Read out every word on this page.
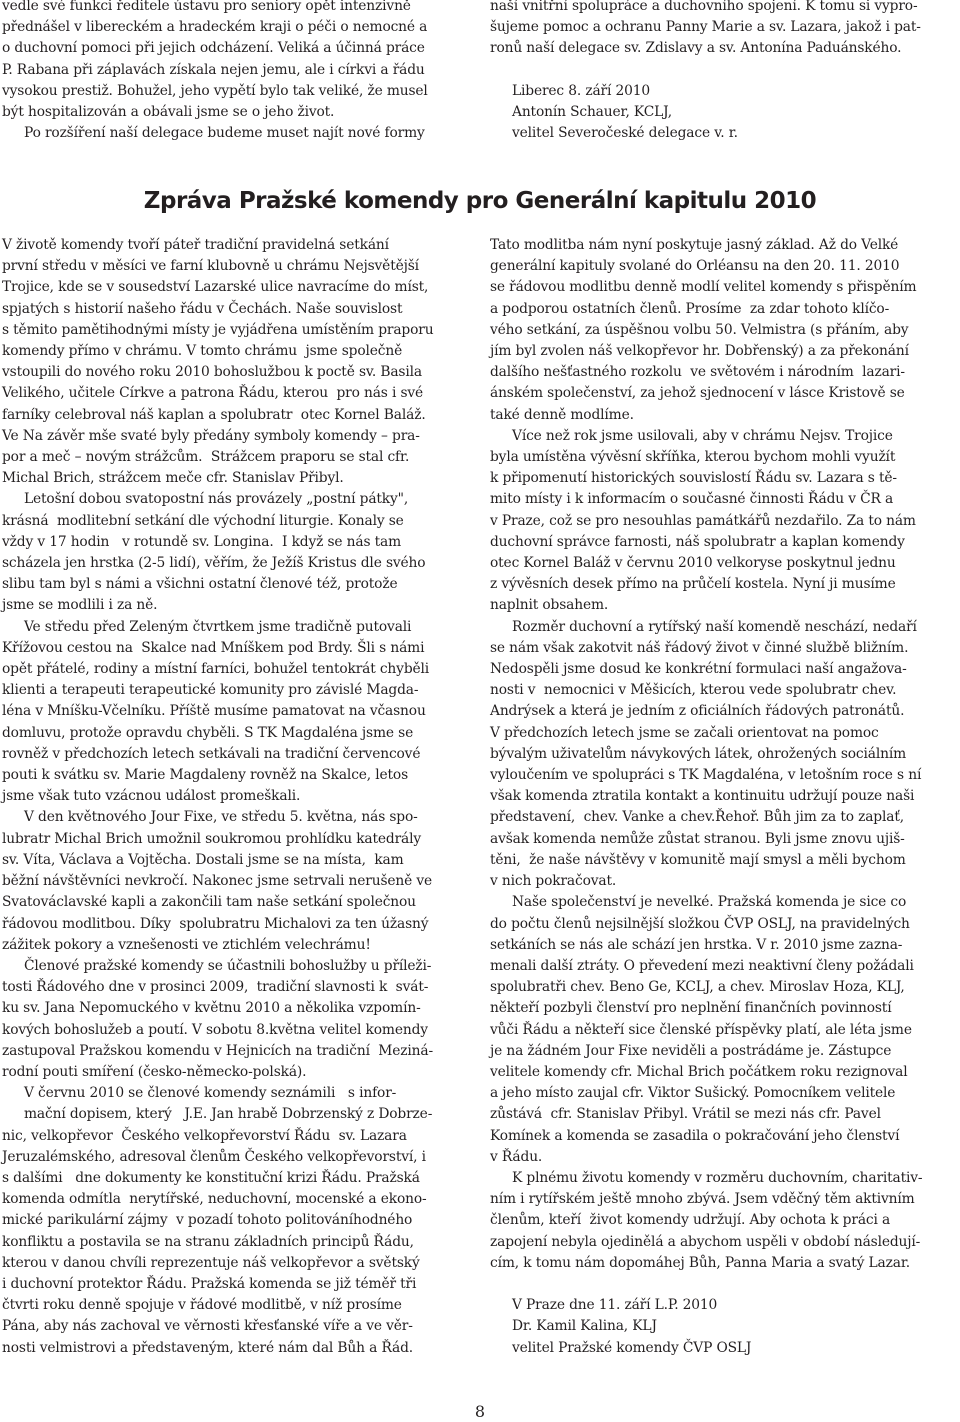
vedle své funkci ředitele ústavu pro seniory opět intenzivně

přednášel v libereckém a hradeckém kraji o péči o nemocné a

o duchovní pomoci při jejich odcházení. Veliká a účinná práce

P. Rabana při záplavách získala nejen jemu, ale i církvi a řádu

vysokou prestiž. Bohužel, jeho vypětí bylo tak veliké, že musel

být hospitalizován a obávali jsme se o jeho život.

Po rozšíření naší delegace budeme muset najít nové formy

naší vnitřní spolupráce a duchovního spojení. K tomu si vypro-

šujeme pomoc a ochranu Panny Marie a sv. Lazara, jakož i pat-

ronů naší delegace sv. Zdislavy a sv. Antonína Paduánského.

Liberec 8. září 2010

Antonín Schauer, KCLJ,

velitel Severočeské delegace v. r.

Zpráva Pražské komendy pro Generální kapitulu 2010

V životě komendy tvoří páteř tradiční pravidelná setkání

první středu v měsíci ve farní klubovně u chrámu Nejsvětější

Trojice, kde se v sousedství Lazarské ulice navracíme do míst,

spjatých s historií našeho řádu v Čechách. Naše souvislost

s těmito pamětihodnými místy je vyjádřena umístěním praporu

komendy přímo v chrámu. V tomto chrámu  jsme společně

vstoupili do nového roku 2010 bohoslužbou k poctě sv. Basila

Velikého, učitele Církve a patrona Řádu, kterou  pro nás i své

farníky celebroval náš kaplan a spolubratr  otec Kornel Baláž.

Ve Na závěr mše svaté byly předány symboly komendy – pra-

por a meč – novým strážcům.  Strážcem praporu se stal cfr.

Michal Brich, strážcem meče cfr. Stanislav Přibyl.

Letošní dobou svatopostní nás provázely „postní pátky",

krásná  modlitební setkání dle východní liturgie. Konaly se

vždy v 17 hodin   v rotundě sv. Longina.  I když se nás tam

scházela jen hrstka (2-5 lidí), věřím, že Ježíš Kristus dle svého

slibu tam byl s námi a všichni ostatní členové též, protože

jsme se modlili i za ně.

Ve středu před Zeleným čtvrtkem jsme tradičně putovali

Křížovou cestou na  Skalce nad Mníškem pod Brdy. Šli s námi

opět přátelé, rodiny a místní farníci, bohužel tentokrát chyběli

klienti a terapeuti terapeutické komunity pro závislé Magda-

léna v Mníšku-Včelníku. Příště musíme pamatovat na včasnou

domluvu, protože opravdu chyběli. S TK Magdaléna jsme se

rovněž v předchozích letech setkávali na tradiční červencové

pouti k svátku sv. Marie Magdaleny rovněž na Skalce, letos

jsme však tuto vzácnou událost promeškali.

V den květnového Jour Fixe, ve středu 5. května, nás spo-

lubratr Michal Brich umožnil soukromou prohlídku katedrály

sv. Víta, Václava a Vojtěcha. Dostali jsme se na místa,  kam

běžní návštěvníci nevkročí. Nakonec jsme setrvali nerušeně ve

Svatováclavské kapli a zakončili tam naše setkání společnou

řádovou modlitbou. Díky  spolubratru Michalovi za ten úžasný

zážitek pokory a vznešenosti ve ztichlém velechrámu!

Členové pražské komendy se účastnili bohoslužby u příleži-

tosti Řádového dne v prosinci 2009,  tradiční slavnosti k  svát-

ku sv. Jana Nepomuckého v květnu 2010 a několika vzpomín-

kových bohoslužeb a poutí. V sobotu 8.května velitel komendy

zastupoval Pražskou komendu v Hejnicích na tradiční  Meziná-

rodní pouti smíření (česko-německo-polská).

V červnu 2010 se členové komendy seznámili   s infor-

mační dopisem, který   J.E. Jan hrabě Dobrzenský z Dobrze-

nic, velkopřevor  Českého velkopřevorství Řádu  sv. Lazara

Jeruzalémského, adresoval členům Českého velkopřevorství, i

s dalšími   dne dokumenty ke konstituční krizi Řádu. Pražská

komenda odmítla  nerytířské, neduchovní, mocenské a ekono-

mické parikulární zájmy  v pozadí tohoto politováníhodného

konfliktu a postavila se na stranu základních principů Řádu,

kterou v danou chvíli reprezentuje náš velkopřevor a světský

i duchovní protektor Řádu. Pražská komenda se již téměř tři

čtvrti roku denně spojuje v řádové modlitbě, v níž prosíme

Pána, aby nás zachoval ve věrnosti křesťanské víře a ve věr-

nosti velmistrovi a představeným, které nám dal Bůh a Řád.

Tato modlitba nám nyní poskytuje jasný základ. Až do Velké

generální kapituly svolané do Orléansu na den 20. 11. 2010

se řádovou modlitbu denně modlí velitel komendy s přispěním

a podporou ostatních členů. Prosíme  za zdar tohoto klíčo-

vého setkání, za úspěšnou volbu 50. Velmistra (s přáním, aby

jím byl zvolen náš velkopřevor hr. Dobřenský) a za překonání

dalšího nešťastného rozkolu  ve světovém i národním  lazari-

ánském společenství, za jehož sjednocení v lásce Kristově se

také denně modlíme.

Více než rok jsme usilovali, aby v chrámu Nejsv. Trojice

byla umístěna vývěsní skříňka, kterou bychom mohli využít

k připomenutí historických souvislostí Řádu sv. Lazara s tě-

mito místy i k informacím o současné činnosti Řádu v ČR a

v Praze, což se pro nesouhlas památkářů nezdařilo. Za to nám

duchovní správce farnosti, náš spolubratr a kaplan komendy

otec Kornel Baláž v červnu 2010 velkoryse poskytnul jednu

z vývěsních desek přímo na průčelí kostela. Nyní ji musíme

naplnit obsahem.

Rozměr duchovní a rytířský naší komendě neschází, nedaří

se nám však zakotvit náš řádový život v činné službě bližním.

Nedospěli jsme dosud ke konkrétní formulaci naší angažova-

nosti v  nemocnici v Měšicích, kterou vede spolubratr chev.

Andrýsek a která je jedním z oficiálních řádových patronátů.

V předchozích letech jsme se začali orientovat na pomoc

bývalým uživatelům návykových látek, ohrožených sociálním

vyloučením ve spolupráci s TK Magdaléna, v letošním roce s ní

však komenda ztratila kontakt a kontinuitu udržují pouze naši

představení,  chev. Vanke a chev.Řehoř. Bůh jim za to zaplať,

avšak komenda nemůže zůstat stranou. Byli jsme znovu ujiš-

těni,  že naše návštěvy v komunitě mají smysl a měli bychom

v nich pokračovat.

Naše společenství je nevelké. Pražská komenda je sice co

do počtu členů nejsilnější složkou ČVP OSLJ, na pravidelných

setkáních se nás ale schází jen hrstka. V r. 2010 jsme zazna-

menali další ztráty. O převedení mezi neaktivní členy požádali

spolubratři chev. Beno Ge, KCLJ, a chev. Miroslav Hoza, KLJ,

někteří pozbyli členství pro neplnění finančních povinností

vůči Řádu a někteří sice členské příspěvky platí, ale léta jsme

je na žádném Jour Fixe neviděli a postrádáme je. Zástupce

velitele komendy cfr. Michal Brich počátkem roku rezignoval

a jeho místo zaujal cfr. Viktor Sušický. Pomocníkem velitele

zůstává  cfr. Stanislav Přibyl. Vrátil se mezi nás cfr. Pavel

Komínek a komenda se zasadila o pokračování jeho členství

v Řádu.

K plnému životu komendy v rozměru duchovním, charitativ-

ním i rytířském ještě mnoho zbývá. Jsem vděčný těm aktivním

členům, kteří  život komendy udržují. Aby ochota k práci a

zapojení nebyla ojedinělá a abychom uspěli v období následují-

cím, k tomu nám dopomáhej Bůh, Panna Maria a svatý Lazar.

V Praze dne 11. září L.P. 2010

Dr. Kamil Kalina, KLJ

velitel Pražské komendy ČVP OSLJ

8
